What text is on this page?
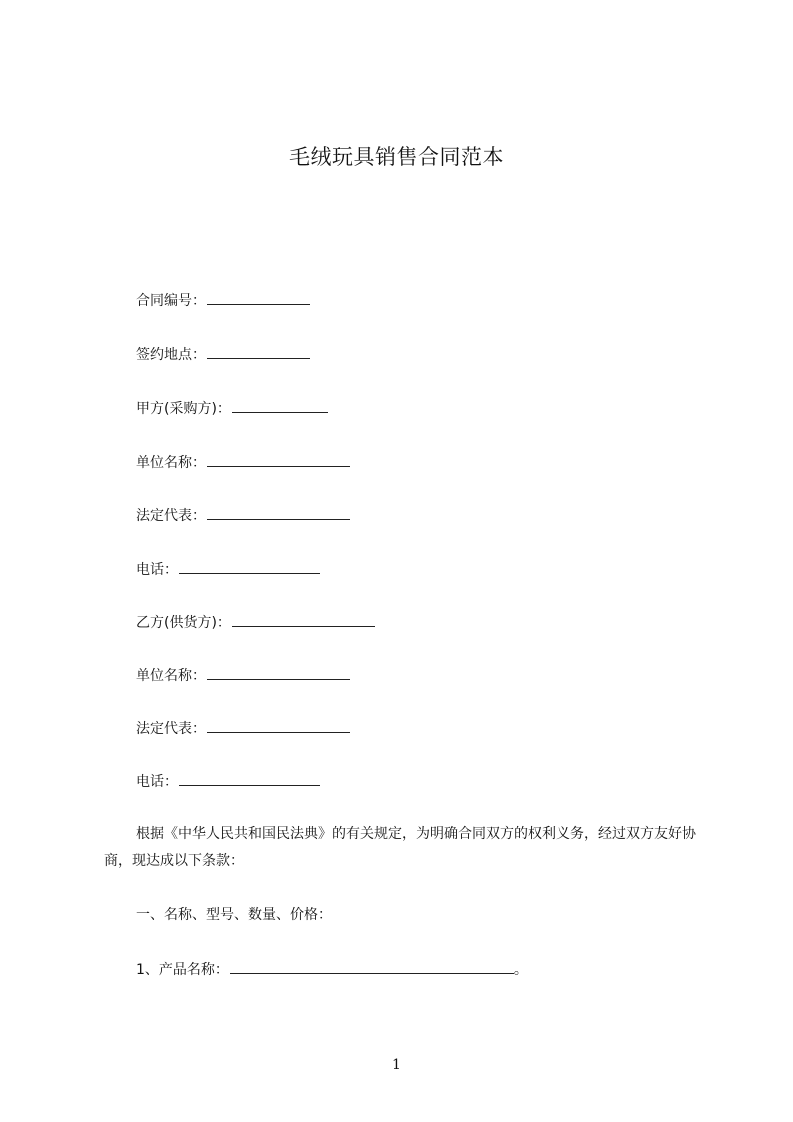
毛绒玩具销售合同范本
合同编号：
签约地点：
甲方(采购方)：
单位名称：
法定代表：
电话：
乙方(供货方)：
单位名称：
法定代表：
电话：
根据《中华人民共和国民法典》的有关规定，为明确合同双方的权利义务，经过双方友好协商，现达成以下条款：
一、名称、型号、数量、价格：
1、产品名称：	。
1
